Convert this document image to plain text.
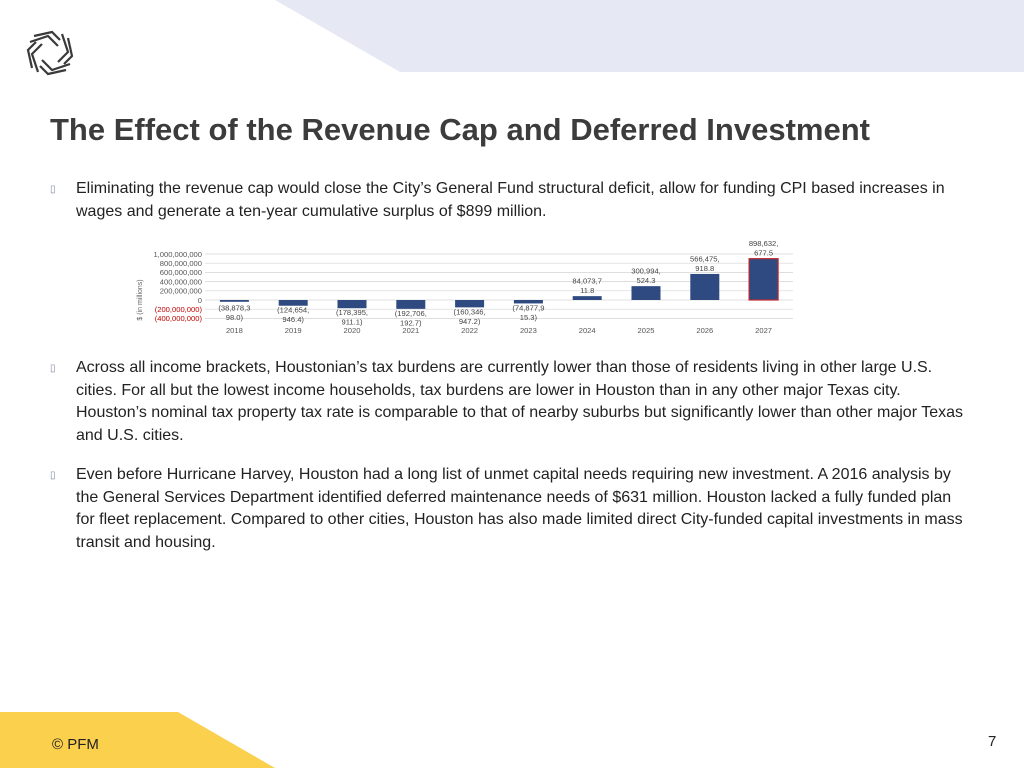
The Effect of the Revenue Cap and Deferred Investment
▯ Eliminating the revenue cap would close the City’s General Fund structural deficit, allow for funding CPI based increases in wages and generate a ten-year cumulative surplus of $899 million.
1,000,000,000
800,000,000
600,000,000
400,000,000
200,000,000
0
(200,000,000)
(400,000,000)
$ (in millions)	(38,878,3
98.0)
(124,654,
946.4)
(178,395,
911.1)
(192,706,
192.7)
(160,346,
947.2)
(74,877,9
15.3)
84,073,7
11.8
300,994,
524.3
566,475,
918.8
898,632,
677.5
2018	2019	2020	2021	2022	2023	2024	2025	2026	2027
▯ Across all income brackets, Houstonian’s tax burdens are currently lower than those of residents living in other large U.S. cities. For all but the lowest income households, tax burdens are lower in Houston than in any other major Texas city. Houston’s nominal tax property tax rate is comparable to that of nearby suburbs but significantly lower than other major Texas and U.S. cities.
▯ Even before Hurricane Harvey, Houston had a long list of unmet capital needs requiring new investment. A 2016 analysis by the General Services Department identified deferred maintenance needs of $631 million. Houston lacked a fully funded plan for fleet replacement. Compared to other cities, Houston has also made limited direct City-funded capital investments in mass transit and housing.
© PFM	7
